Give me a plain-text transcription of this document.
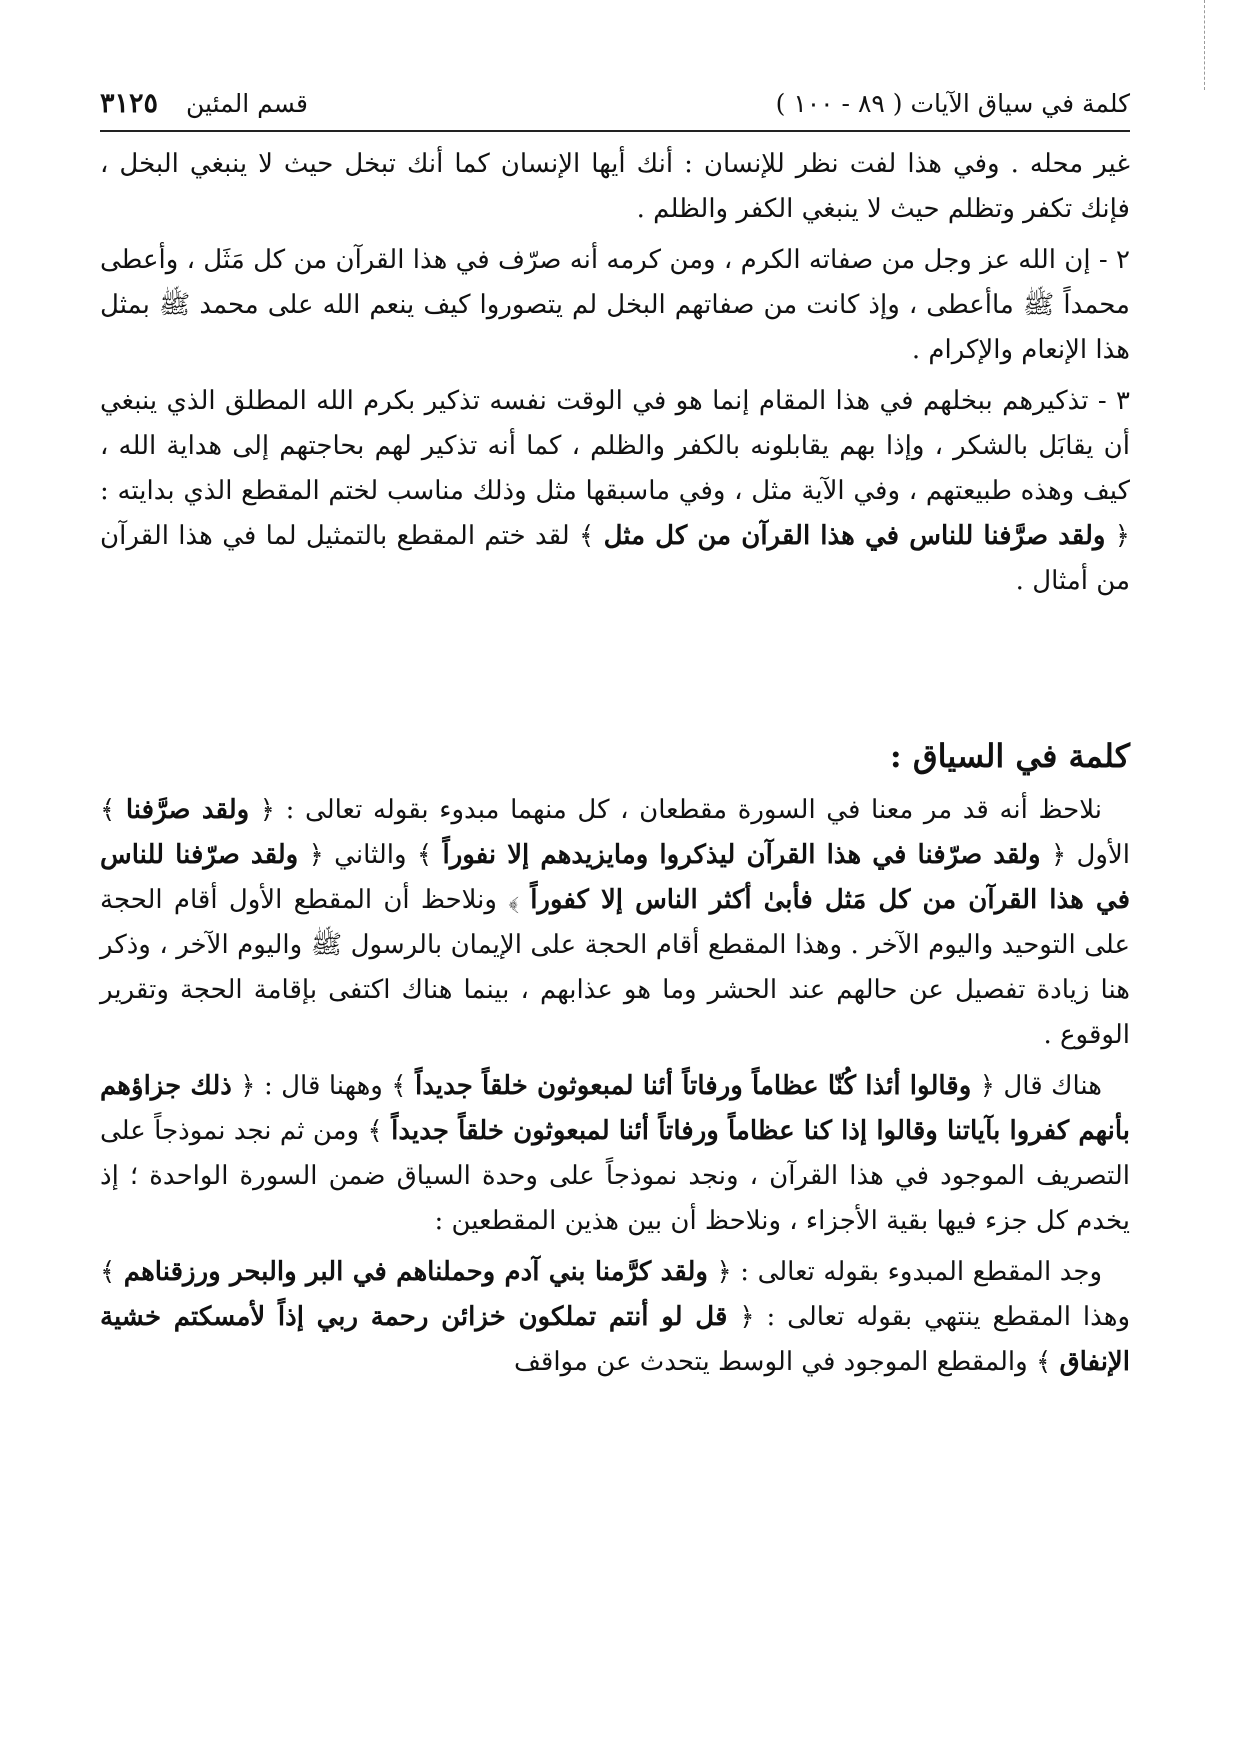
كلمة في سياق الآيات
( ٨٩ - ١٠٠ )
قسم المئين
٣١٢٥

غير محله . وفي هذا لفت نظر للإنسان : أنك أيها الإنسان كما أنك تبخل حيث لا ينبغي البخل ، فإنك تكفر وتظلم حيث لا ينبغي الكفر والظلم .

٢ - إن الله عز وجل من صفاته الكرم ، ومن كرمه أنه صرّف في هذا القرآن من كل مَثَل ، وأعطى محمداً ﷺ ماأعطى ، وإذ كانت من صفاتهم البخل لم يتصوروا كيف ينعم الله على محمد ﷺ بمثل هذا الإنعام والإكرام .

٣ - تذكيرهم ببخلهم في هذا المقام إنما هو في الوقت نفسه تذكير بكرم الله المطلق الذي ينبغي أن يقابَل بالشكر ، وإذا بهم يقابلونه بالكفر والظلم ، كما أنه تذكير لهم بحاجتهم إلى هداية الله ، كيف وهذه طبيعتهم ، وفي الآية مثل ، وفي ماسبقها مثل وذلك مناسب لختم المقطع الذي بدايته : ﴿ ولقد صرَّفنا للناس في هذا القرآن من كل مثل ﴾ لقد ختم المقطع بالتمثيل لما في هذا القرآن من أمثال .

كلمة في السياق :

نلاحظ أنه قد مر معنا في السورة مقطعان ، كل منهما مبدوء بقوله تعالى : ﴿ ولقد صرَّفنا ﴾ الأول ﴿ ولقد صرّفنا في هذا القرآن ليذكروا ومايزيدهم إلا نفوراً ﴾ والثاني ﴿ ولقد صرّفنا للناس في هذا القرآن من كل مَثل فأبىٰ أكثر الناس إلا كفوراً ﴾ ونلاحظ أن المقطع الأول أقام الحجة على التوحيد واليوم الآخر . وهذا المقطع أقام الحجة على الإيمان بالرسول ﷺ واليوم الآخر ، وذكر هنا زيادة تفصيل عن حالهم عند الحشر وما هو عذابهم ، بينما هناك اكتفى بإقامة الحجة وتقرير الوقوع .

هناك قال ﴿ وقالوا أئذا كُنّا عظاماً ورفاتاً أئنا لمبعوثون خلقاً جديداً ﴾ وههنا قال : ﴿ ذلك جزاؤهم بأنهم كفروا بآياتنا وقالوا إذا كنا عظاماً ورفاتاً أئنا لمبعوثون خلقاً جديداً ﴾ ومن ثم نجد نموذجاً على التصريف الموجود في هذا القرآن ، ونجد نموذجاً على وحدة السياق ضمن السورة الواحدة ؛ إذ يخدم كل جزء فيها بقية الأجزاء ، ونلاحظ أن بين هذين المقطعين :

وجد المقطع المبدوء بقوله تعالى : ﴿ ولقد كرَّمنا بني آدم وحملناهم في البر والبحر ورزقناهم ﴾ وهذا المقطع ينتهي بقوله تعالى : ﴿ قل لو أنتم تملكون خزائن رحمة ربي إذاً لأمسكتم خشية الإنفاق ﴾ والمقطع الموجود في الوسط يتحدث عن مواقف
